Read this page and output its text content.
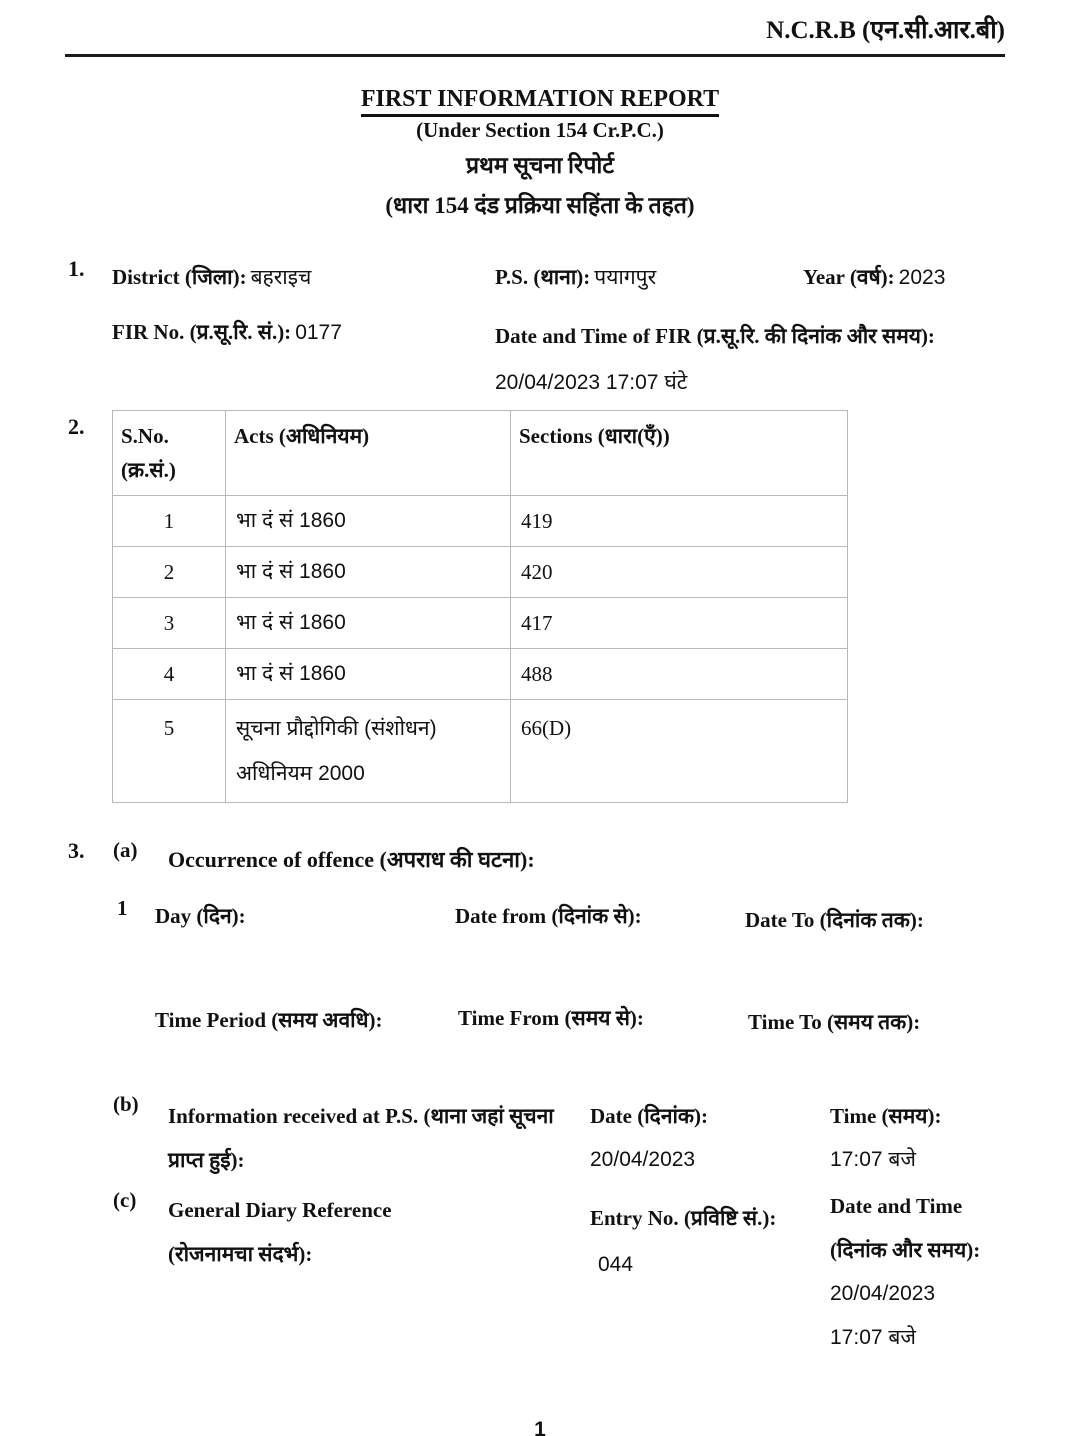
N.C.R.B (एन.सी.आर.बी)
FIRST INFORMATION REPORT
(Under Section 154 Cr.P.C.)
प्रथम सूचना रिपोर्ट
(धारा 154 दंड प्रक्रिया सहिंता के तहत)
1. District (जिला): बहराइच	P.S. (थाना): पयागपुर	Year (वर्ष): 2023
FIR No. (प्र.सू.रि. सं.): 0177	Date and Time of FIR (प्र.सू.रि. की दिनांक और समय): 20/04/2023 17:07 घंटे
2. S.No. (क्र.सं.)	Acts (अधिनियम)	Sections (धारा(एँ))
1	भा दं सं 1860	419
2	भा दं सं 1860	420
3	भा दं सं 1860	417
4	भा दं सं 1860	488
5	सूचना प्रौद्दोगिकी (संशोधन) अधिनियम 2000	66(D)
3. (a) Occurrence of offence (अपराध की घटना):
1 Day (दिन):	Date from (दिनांक से):	Date To (दिनांक तक):
Time Period (समय अवधि):	Time From (समय से):	Time To (समय तक):
(b) Information received at P.S. (थाना जहां सूचना प्राप्त हुई):
Date (दिनांक):
20/04/2023
Time (समय):
17:07 बजे
(c) General Diary Reference (रोजनामचा संदर्भ):
Entry No. (प्रविष्टि सं.): 044
Date and Time (दिनांक और समय):
20/04/2023
17:07 बजे
1
